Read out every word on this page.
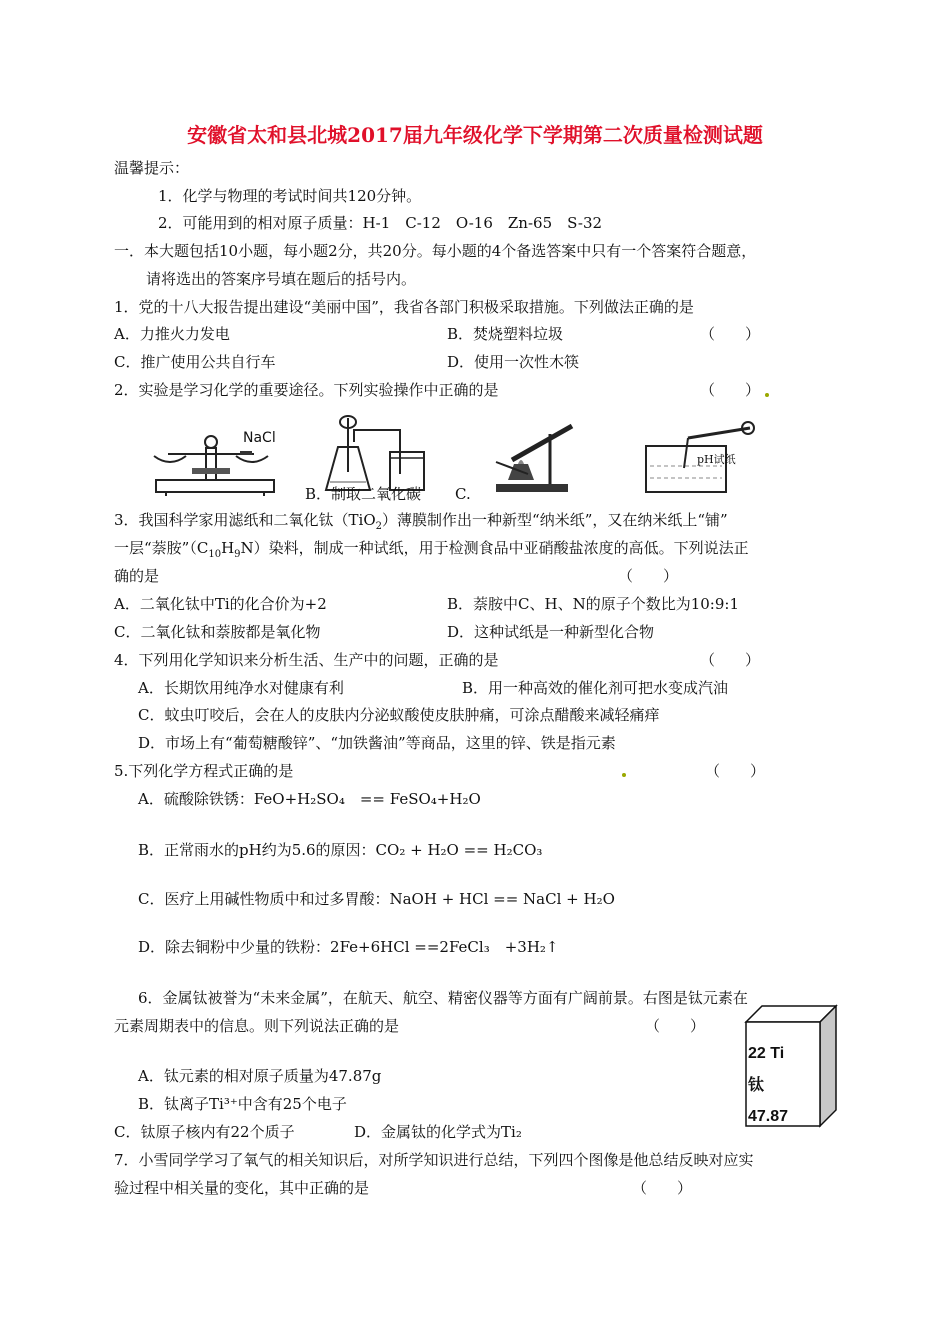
安徽省太和县北城2017届九年级化学下学期第二次质量检测试题
温馨提示：
1．化学与物理的考试时间共120分钟。
2．可能用到的相对原子质量：H-1　C-12　O-16　Zn-65　S-32
一．本大题包括10小题，每小题2分，共20分。每小题的4个备选答案中只有一个答案符合题意，
请将选出的答案序号填在题后的括号内。
1．党的十八大报告提出建设“美丽中国”，我省各部门积极采取措施。下列做法正确的是
A．力推火力发电	B．焚烧塑料垃圾	（　　）
C．推广使用公共自行车	D．使用一次性木筷
2．实验是学习化学的重要途径。下列实验操作中正确的是	（　　）
NaCl
B．制取二氧化碳 C.
pH试纸
3．我国科学家用滤纸和二氧化钛（TiO$_2$）薄膜制作出一种新型“纳米纸”，又在纳米纸上“铺”
一层“萘胺$”(C_{10}H_9N)$染料，制成一种试纸，用于检测食品中亚硝酸盐浓度的高低。下列说法正
确的是	（　　）
A．二氧化钛中Ti的化合价为+2	B．萘胺中C、H、N的原子个数比为10:9:1
C．二氧化钛和萘胺都是氧化物	D．这种试纸是一种新型化合物
4．下列用化学知识来分析生活、生产中的问题，正确的是	（　　）
A．长期饮用纯净水对健康有利	B．用一种高效的催化剂可把水变成汽油
C．蚊虫叮咬后，会在人的皮肤内分泌蚁酸使皮肤肿痛，可涂点醋酸来减轻痛痒
D．市场上有“葡萄糖酸锌”、“加铁酱油”等商品，这里的锌、铁是指元素
5.下列化学方程式正确的是	（　　）
A．硫酸除铁锈：FeO+H₂SO₄　== FeSO₄+H₂O
B．正常雨水的pH约为5.6的原因：CO₂ + H₂O == H₂CO₃
C．医疗上用碱性物质中和过多胃酸：NaOH + HCl == NaCl + H₂O
D．除去铜粉中少量的铁粉：2Fe+6HCl ==2FeCl₃　+3H₂↑
6．金属钛被誉为“未来金属”，在航天、航空、精密仪器等方面有广阔前景。右图是钛元素在
元素周期表中的信息。则下列说法正确的是	（　　）
A．钛元素的相对原子质量为47.87g
B．钛离子Ti³⁺中含有25个电子
C．钛原子核内有22个质子	D．金属钛的化学式为Ti₂
22 Ti
钛
47.87
7．小雪同学学习了氧气的相关知识后，对所学知识进行总结，下列四个图像是他总结反映对应实
验过程中相关量的变化，其中正确的是	（　　）
